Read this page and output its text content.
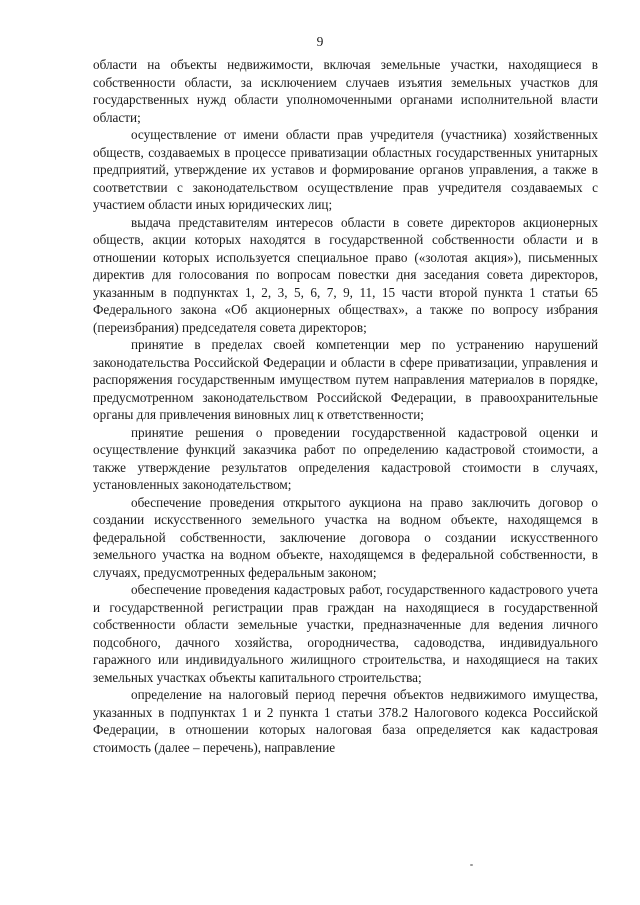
9

области на объекты недвижимости, включая земельные участки, находящиеся в собственности области, за исключением случаев изъятия земельных участков для государственных нужд области уполномоченными органами исполнительной власти области;

осуществление от имени области прав учредителя (участника) хозяйственных обществ, создаваемых в процессе приватизации областных государственных унитарных предприятий, утверждение их уставов и формирование органов управления, а также в соответствии с законодательством осуществление прав учредителя создаваемых с участием области иных юридических лиц;

выдача представителям интересов области в совете директоров акционерных обществ, акции которых находятся в государственной собственности области и в отношении которых используется специальное право («золотая акция»), письменных директив для голосования по вопросам повестки дня заседания совета директоров, указанным в подпунктах 1, 2, 3, 5, 6, 7, 9, 11, 15 части второй пункта 1 статьи 65 Федерального закона «Об акционерных обществах», а также по вопросу избрания (переизбрания) председателя совета директоров;

принятие в пределах своей компетенции мер по устранению нарушений законодательства Российской Федерации и области в сфере приватизации, управления и распоряжения государственным имуществом путем направления материалов в порядке, предусмотренном законодательством Российской Федерации, в правоохранительные органы для привлечения виновных лиц к ответственности;

принятие решения о проведении государственной кадастровой оценки и осуществление функций заказчика работ по определению кадастровой стоимости, а также утверждение результатов определения кадастровой стоимости в случаях, установленных законодательством;

обеспечение проведения открытого аукциона на право заключить договор о создании искусственного земельного участка на водном объекте, находящемся в федеральной собственности, заключение договора о создании искусственного земельного участка на водном объекте, находящемся в федеральной собственности, в случаях, предусмотренных федеральным законом;

обеспечение проведения кадастровых работ, государственного кадастрового учета и государственной регистрации прав граждан на находящиеся в государственной собственности области земельные участки, предназначенные для ведения личного подсобного, дачного хозяйства, огородничества, садоводства, индивидуального гаражного или индивидуального жилищного строительства, и находящиеся на таких земельных участках объекты капитального строительства;

определение на налоговый период перечня объектов недвижимого имущества, указанных в подпунктах 1 и 2 пункта 1 статьи 378.2 Налогового кодекса Российской Федерации, в отношении которых налоговая база определяется как кадастровая стоимость (далее – перечень), направление
